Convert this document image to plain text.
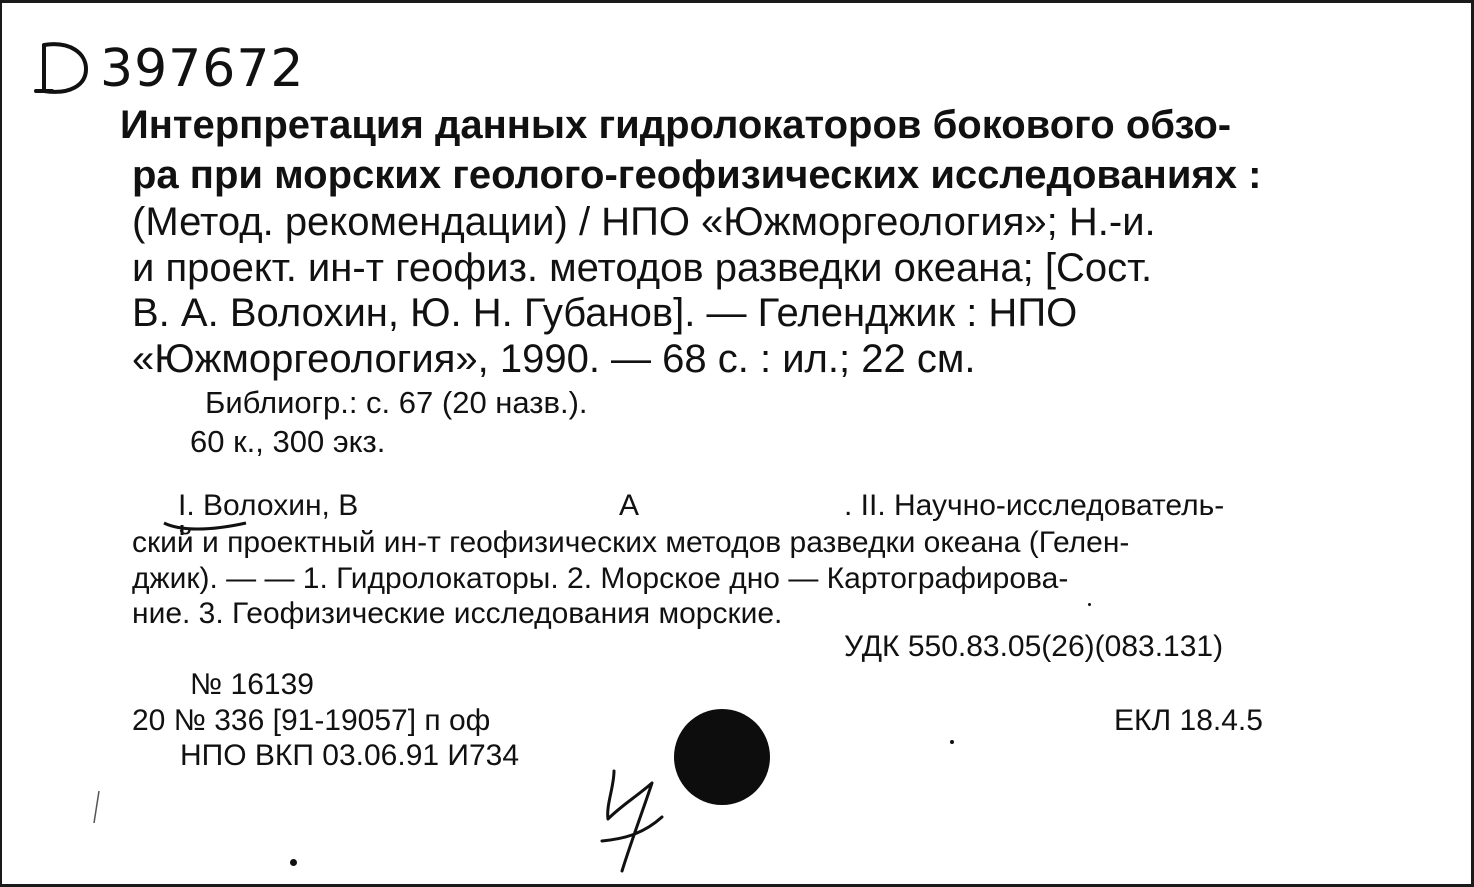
397672
Интерпретация данных гидролокаторов бокового обзо-
ра при морских геолого-геофизических исследованиях :
(Метод. рекомендации) / НПО «Южморгеология»; Н.-и.
и проект. ин-т геофиз. методов разведки океана; [Сост.
В. А. Волохин, Ю. Н. Губанов]. — Геленджик : НПО
«Южморгеология», 1990. — 68 с. : ил.; 22 см.
Библиогр.: с. 67 (20 назв.).
60 к., 300 экз.
I. Волохин, В	А	. II. Научно-исследователь-
ский и проектный ин-т геофизических методов разведки океана (Гелен-
джик). — — 1. Гидролокаторы. 2. Морское дно — Картографирова-
ние. 3. Геофизические исследования морские.
УДК 550.83.05(26)(083.131)
№ 16139
20 № 336 [91-19057] п оф	ЕКЛ 18.4.5
НПО ВКП 03.06.91 И734
